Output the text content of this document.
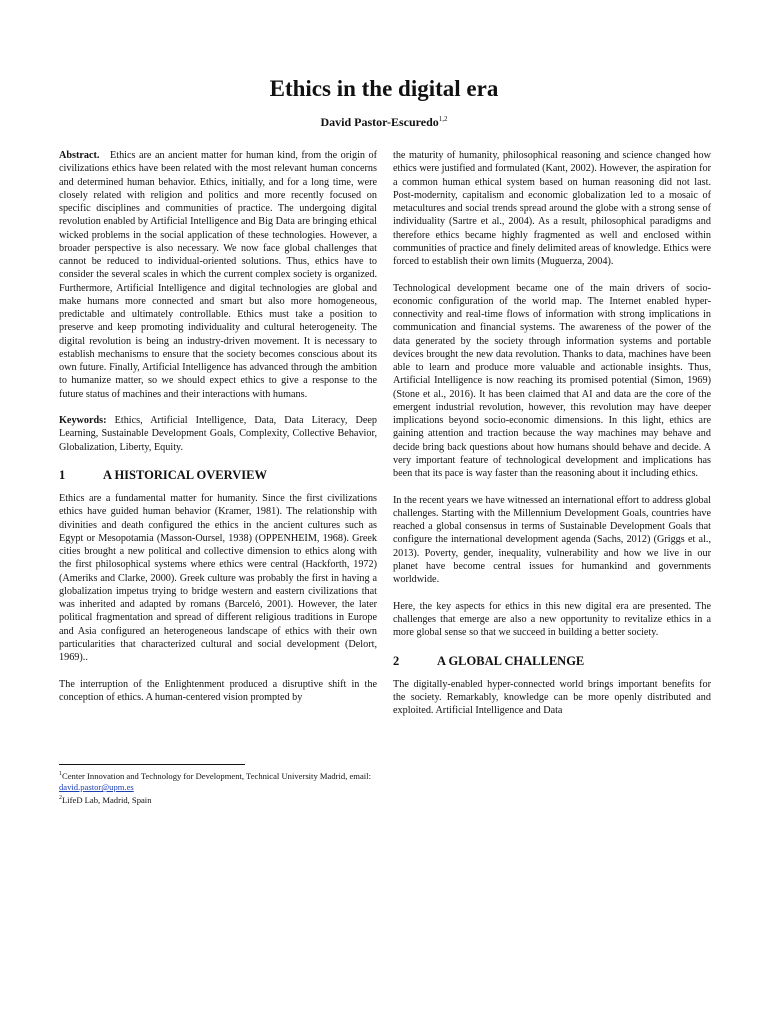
Ethics in the digital era
David Pastor-Escuredo$^{1,2}$

Abstract. Ethics are an ancient matter for human kind, from the origin of civilizations ethics have been related with the most relevant human concerns and determined human behavior. Ethics, initially, and for a long time, were closely related with religion and politics and more recently focused on specific disciplines and communities of practice. The undergoing digital revolution enabled by Artificial Intelligence and Big Data are bringing ethical wicked problems in the social application of these technologies. However, a broader perspective is also necessary. We now face global challenges that cannot be reduced to individual-oriented solutions. Thus, ethics have to consider the several scales in which the current complex society is organized. Furthermore, Artificial Intelligence and digital technologies are global and make humans more connected and smart but also more homogeneous, predictable and ultimately controllable. Ethics must take a position to preserve and keep promoting individuality and cultural heterogeneity. The digital revolution is being an industry-driven movement. It is necessary to establish mechanisms to ensure that the society becomes conscious about its own future. Finally, Artificial Intelligence has advanced through the ambition to humanize matter, so we should expect ethics to give a response to the future status of machines and their interactions with humans.

Keywords: Ethics, Artificial Intelligence, Data, Data Literacy, Deep Learning, Sustainable Development Goals, Complexity, Collective Behavior, Globalization, Liberty, Equity.

1	A HISTORICAL OVERVIEW

Ethics are a fundamental matter for humanity. Since the first civilizations ethics have guided human behavior (Kramer, 1981). The relationship with divinities and death configured the ethics in the ancient cultures such as Egypt or Mesopotamia (Masson-Oursel, 1938) (OPPENHEIM, 1968). Greek cities brought a new political and collective dimension to ethics along with the first philosophical systems where ethics were central (Hackforth, 1972) (Ameriks and Clarke, 2000). Greek culture was probably the first in having a globalization impetus trying to bridge western and eastern civilizations that was inherited and adapted by romans (Barceló, 2001). However, the later political fragmentation and spread of different religious traditions in Europe and Asia configured an heterogeneous landscape of ethics with their own particularities that characterized cultural and social development (Delort, 1969)..

The interruption of the Enlightenment produced a disruptive shift in the conception of ethics. A human-centered vision prompted by

the maturity of humanity, philosophical reasoning and science changed how ethics were justified and formulated (Kant, 2002). However, the aspiration for a common human ethical system based on human reasoning did not last. Post-modernity, capitalism and economic globalization led to a mosaic of metacultures and social trends spread around the globe with a strong sense of individuality (Sartre et al., 2004). As a result, philosophical paradigms and therefore ethics became highly fragmented as well and enclosed within communities of practice and finely delimited areas of knowledge. Ethics were forced to establish their own limits (Muguerza, 2004).

Technological development became one of the main drivers of socio-economic configuration of the world map. The Internet enabled hyper-connectivity and real-time flows of information with strong implications in communication and financial systems. The awareness of the power of the data generated by the society through information systems and portable devices brought the new data revolution. Thanks to data, machines have been able to learn and produce more valuable and actionable insights. Thus, Artificial Intelligence is now reaching its promised potential (Simon, 1969) (Stone et al., 2016). It has been claimed that AI and data are the core of the emergent industrial revolution, however, this revolution may have deeper implications beyond socio-economic dimensions. In this light, ethics are gaining attention and traction because the way machines may behave and decide bring back questions about how humans should behave and decide. A very important feature of technological development and implications has been that its pace is way faster than the reasoning about it including ethics.

In the recent years we have witnessed an international effort to address global challenges. Starting with the Millennium Development Goals, countries have reached a global consensus in terms of Sustainable Development Goals that configure the international development agenda (Sachs, 2012) (Griggs et al., 2013). Poverty, gender, inequality, vulnerability and how we live in our planet have become central issues for humankind and governments worldwide.

Here, the key aspects for ethics in this new digital era are presented. The challenges that emerge are also a new opportunity to revitalize ethics in a more global sense so that we succeed in building a better society.

2	A GLOBAL CHALLENGE

The digitally-enabled hyper-connected world brings important benefits for the society. Remarkably, knowledge can be more openly distributed and exploited. Artificial Intelligence and Data

$^1$Center Innovation and Technology for Development, Technical University Madrid, email: david.pastor@upm.es
$^2$LifeD Lab, Madrid, Spain
